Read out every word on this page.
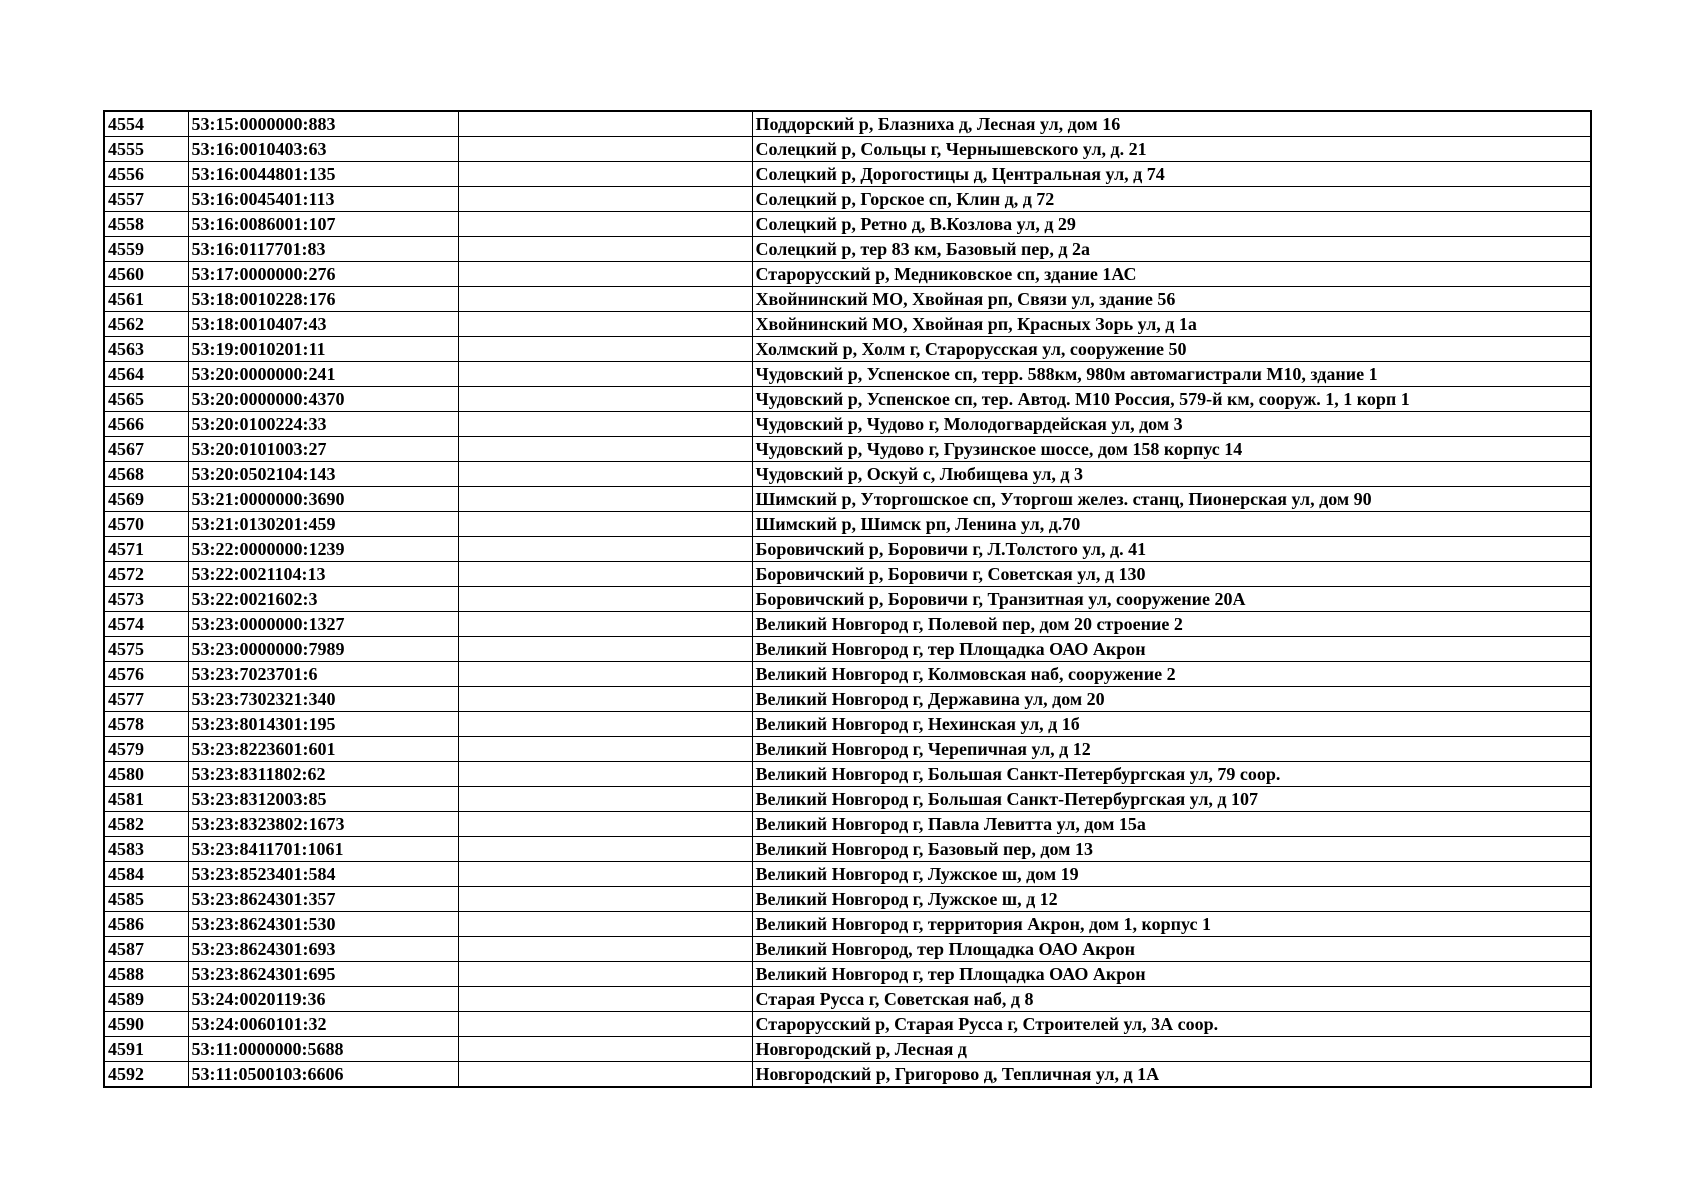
4554	53:15:0000000:883		Поддорский р, Блазниха д, Лесная ул, дом 16
4555	53:16:0010403:63		Солецкий р, Сольцы г, Чернышевского ул, д. 21
4556	53:16:0044801:135		Солецкий р, Дорогостицы д, Центральная ул, д 74
4557	53:16:0045401:113		Солецкий р, Горское сп, Клин д, д 72
4558	53:16:0086001:107		Солецкий р, Ретно д, В.Козлова ул, д 29
4559	53:16:0117701:83		Солецкий р, тер 83 км, Базовый пер, д 2а
4560	53:17:0000000:276		Старорусский р, Медниковское сп, здание 1АС
4561	53:18:0010228:176		Хвойнинский МО, Хвойная рп, Связи ул, здание 56
4562	53:18:0010407:43		Хвойнинский МО, Хвойная рп, Красных Зорь ул, д 1а
4563	53:19:0010201:11		Холмский р, Холм г, Старорусская ул, сооружение 50
4564	53:20:0000000:241		Чудовский р, Успенское сп, терр. 588км, 980м автомагистрали М10, здание 1
4565	53:20:0000000:4370		Чудовский р, Успенское сп, тер. Автод. М10 Россия, 579-й км, сооруж. 1, 1 корп 1
4566	53:20:0100224:33		Чудовский р, Чудово г, Молодогвардейская ул, дом 3
4567	53:20:0101003:27		Чудовский р, Чудово г, Грузинское шоссе, дом 158 корпус 14
4568	53:20:0502104:143		Чудовский р, Оскуй с, Любищева ул, д 3
4569	53:21:0000000:3690		Шимский р, Уторгошское сп, Уторгош желез. станц, Пионерская ул, дом 90
4570	53:21:0130201:459		Шимский р, Шимск рп, Ленина ул, д.70
4571	53:22:0000000:1239		Боровичский р, Боровичи г, Л.Толстого ул, д. 41
4572	53:22:0021104:13		Боровичский р, Боровичи г, Советская ул, д 130
4573	53:22:0021602:3		Боровичский р, Боровичи г, Транзитная ул, сооружение 20А
4574	53:23:0000000:1327		Великий Новгород г, Полевой пер, дом 20 строение 2
4575	53:23:0000000:7989		Великий Новгород г, тер Площадка ОАО Акрон
4576	53:23:7023701:6		Великий Новгород г, Колмовская наб, сооружение 2
4577	53:23:7302321:340		Великий Новгород г, Державина ул, дом 20
4578	53:23:8014301:195		Великий Новгород г, Нехинская ул, д 1б
4579	53:23:8223601:601		Великий Новгород г, Черепичная ул, д 12
4580	53:23:8311802:62		Великий Новгород г, Большая Санкт-Петербургская ул, 79 соор.
4581	53:23:8312003:85		Великий Новгород г, Большая Санкт-Петербургская ул, д 107
4582	53:23:8323802:1673		Великий Новгород г, Павла Левитта ул, дом 15а
4583	53:23:8411701:1061		Великий Новгород г, Базовый пер, дом 13
4584	53:23:8523401:584		Великий Новгород г, Лужское ш, дом 19
4585	53:23:8624301:357		Великий Новгород г, Лужское ш, д 12
4586	53:23:8624301:530		Великий Новгород г, территория Акрон, дом 1, корпус 1
4587	53:23:8624301:693		Великий Новгород, тер Площадка ОАО Акрон
4588	53:23:8624301:695		Великий Новгород г, тер Площадка ОАО Акрон
4589	53:24:0020119:36		Старая Русса г, Советская наб, д 8
4590	53:24:0060101:32		Старорусский р, Старая Русса г, Строителей ул, 3А соор.
4591	53:11:0000000:5688		Новгородский р, Лесная д
4592	53:11:0500103:6606		Новгородский р, Григорово д, Тепличная ул, д 1А
